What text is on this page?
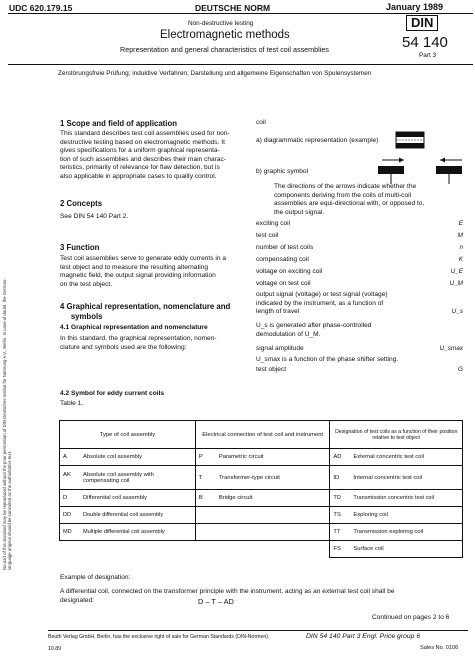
UDC 620.179.15	DEUTSCHE NORM	January 1989
Non-destructive testing
Electromagnetic methods
Representation and general characteristics of test coil assemblies
DIN
54 140
Part 3
Zerstörungsfreie Prüfung; induktive Verfahren; Darstellung und allgemeine Eigenschaften von Spulensystemen
No part of this standard may be reproduced without the prior permission of DIN Deutsches Institut für Normung e.V., Berlin. In case of doubt, the German-language original should be consulted as the authoritative text.
1 Scope and field of application
This standard describes test coil assemblies used for non-
destructive testing based on electromagnetic methods. It
gives specifications for a uniform graphical representa-
tion of such assemblies and describes their main charac-
teristics, primarily of relevance for flaw detection, but is
also applicable in appropriate cases to quality control.
2 Concepts
See DIN 54 140 Part 2.
3 Function
Test coil assemblies serve to generate eddy currents in a
test object and to measure the resulting alternating
magnetic field, the output signal providing information
on the test object.
4 Graphical representation, nomenclature and
symbols
4.1 Graphical representation and nomenclature
In this standard, the graphical representation, nomen-
clature and symbols used are the following:
coil
a) diagrammatic representation (example)
b) graphic symbol
The directions of the arrows indicate whether the
components deriving from the coils of multi-coil
assemblies are equi-directional with, or opposed to,
the output signal.
exciting coil	E
test coil	M
number of test coils	n
compensating coil	K
voltage on exciting coil	U_E
voltage on test coil	U_M
output signal (voltage) or test signal (voltage)
indicated by the instrument, as a function of
length of travel	U_s
U_s is generated after phase-controlled
demodulation of U_M.
signal amplitude	U_smax
U_smax is a function of the phase shifter setting.
test object	G
4.2 Symbol for eddy current coils
Table 1.
Type of coil assembly	Electrical connection of test coil and instrument	Designation of test coils as a function of their position relative to test object
A Absolute coil assembly	P Parametric circuit	AD External concentric test coil
AK Absolute coil assembly with compensating coil	T Transformer-type circuit	ID Internal concentric test coil
D Differential coil assembly	B Bridge circuit	TD Transmission concentric test coil
DD Double differential coil assembly		TS Exploring coil
MD Multiple differential coil assembly		TT Transmission exploring coil
		FS Surface coil
Example of designation:
A differential coil, connected on the transformer principle with the instrument, acting as an external test coil shall be
designated:	D – T – AD
Continued on pages 2 to 6
Beuth Verlag GmbH, Berlin, has the exclusive right of sale for German Standards (DIN-Normen).
10.89
DIN 54 140 Part 3 Engl. Price group 6
Sales No. 0106
